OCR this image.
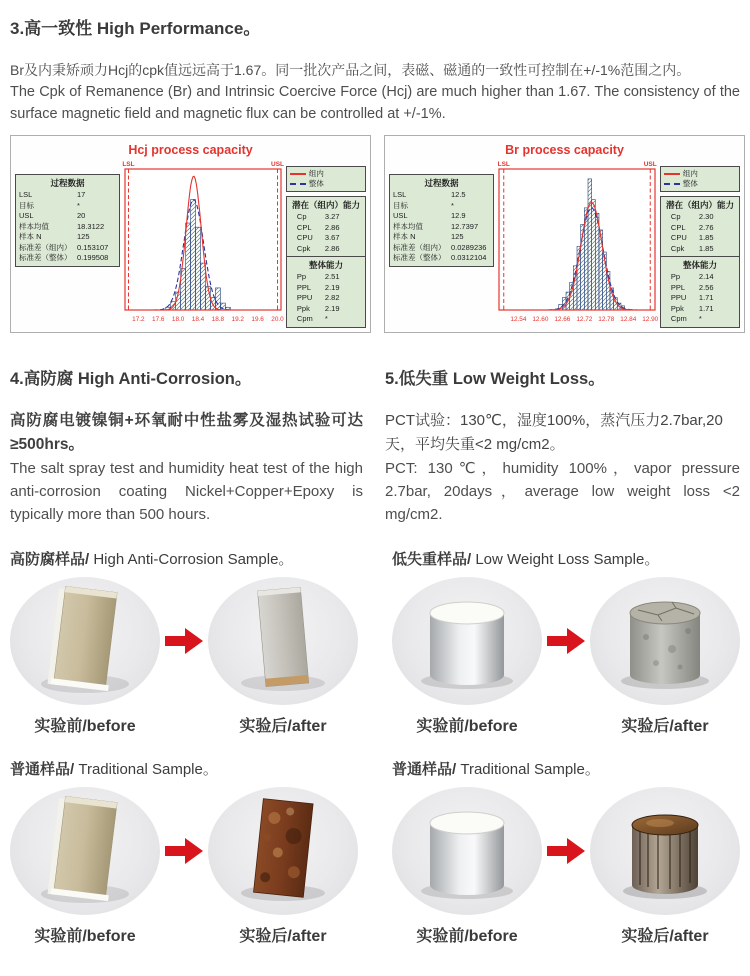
3.高一致性 High Performance。
Br及内秉矫顽力Hcj的cpk值远远高于1.67。同一批次产品之间，表磁、磁通的一致性可控制在+/-1%范围之内。
The Cpk of Remanence (Br) and Intrinsic Coercive Force (Hcj) are much higher than 1.67. The consistency of the surface magnetic field and magnetic flux can be controlled at +/-1%.
Hcj process capacity
过程数据
LSL	17
目标	*
USL	20
样本均值	18.3122
样本 N	125
标准差（组内） 0.153107
标准差（整体） 0.199508
LSL	USL
17.2 17.6 18.0 18.4 18.8 19.2 19.6 20.0
组内
整体
潜在（组内）能力
Cp	3.27
CPL	2.86
CPU	3.67
Cpk	2.86
整体能力
Pp	2.51
PPL	2.19
PPU	2.82
Ppk	2.19
Cpm	*
Br process capacity
过程数据
LSL	12.5
目标	*
USL	12.9
样本均值	12.7397
样本 N	125
标准差（组内） 0.0289236
标准差（整体） 0.0312104
LSL	USL
12.54 12.60 12.66 12.72 12.78 12.84 12.90
组内
整体
潜在（组内）能力
Cp	2.30
CPL	2.76
CPU	1.85
Cpk	1.85
整体能力
Pp	2.14
PPL	2.56
PPU	1.71
Ppk	1.71
Cpm	*
4.高防腐 High Anti-Corrosion。
高防腐电镀镍铜+环氧耐中性盐雾及湿热试验可达≥500hrs。
The salt spray test and humidity heat test of the high anti-corrosion coating Nickel+Copper+Epoxy is typically more than 500 hours.
5.低失重 Low Weight Loss。
PCT试验：130℃，湿度100%，蒸汽压力2.7bar,20天，平均失重<2 mg/cm2。
PCT: 130℃，humidity 100%，vapor pressure 2.7bar, 20days，average low weight loss <2 mg/cm2.
高防腐样品/ High Anti-Corrosion Sample。
实验前/before	实验后/after
普通样品/ Traditional Sample。
实验前/before	实验后/after
低失重样品/ Low Weight Loss Sample。
实验前/before	实验后/after
普通样品/ Traditional Sample。
实验前/before	实验后/after
